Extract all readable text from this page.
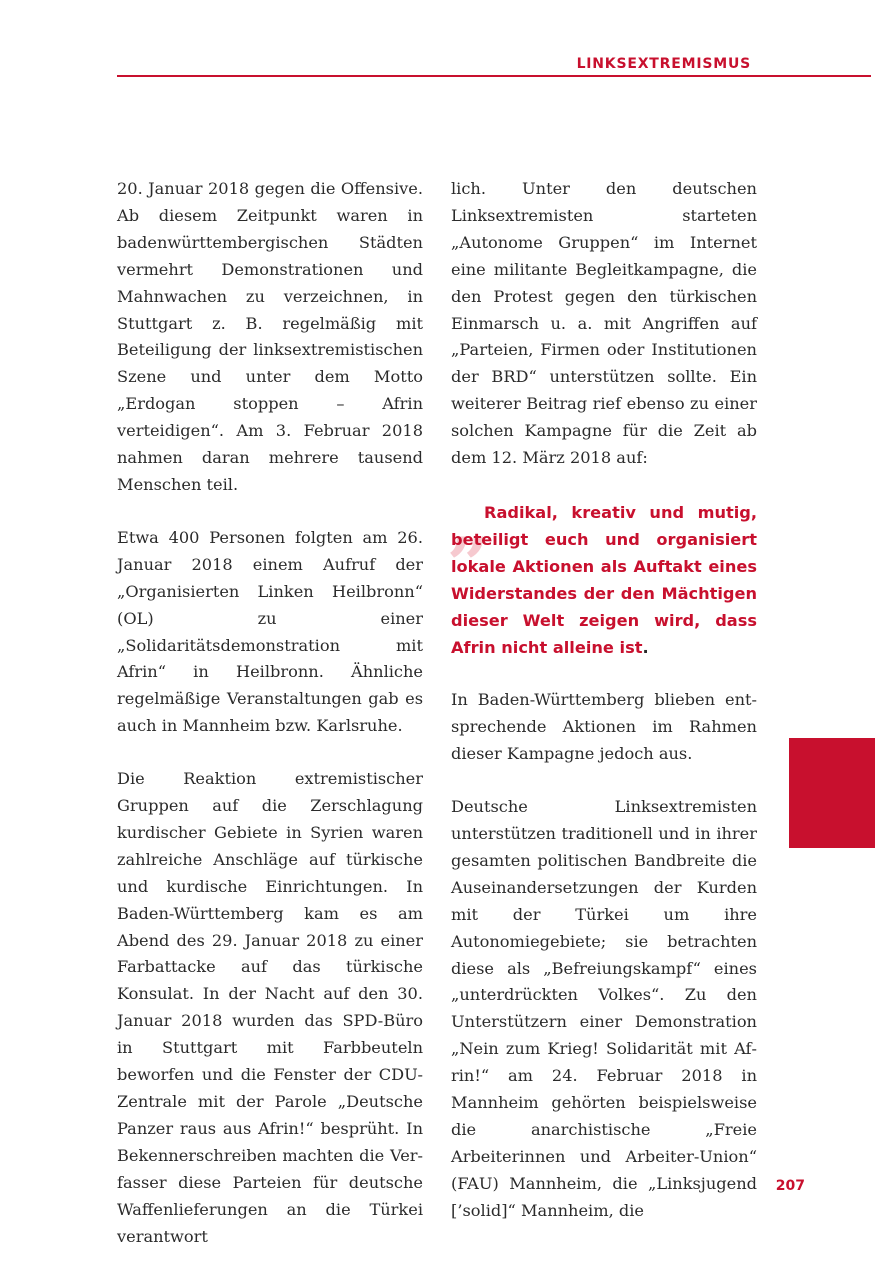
LINKSEXTREMISMUS

20. Januar 2018 gegen die Offensive. Ab diesem Zeitpunkt waren in badenwürttembergischen Städten vermehrt Demonstrationen und Mahnwachen zu verzeichnen, in Stuttgart z. B. regelmäßig mit Beteiligung der linksextremistischen Szene und unter dem Motto „Erdogan stoppen – Afrin verteidigen“. Am 3. Februar 2018 nahmen daran mehrere tausend Menschen teil.

Etwa 400 Personen folgten am 26. Januar 2018 einem Aufruf der „Organisierten Linken Heilbronn“ (OL) zu einer „Solidaritätsdemonstration mit Afrin“ in Heilbronn. Ähnliche regelmäßige Veranstaltungen gab es auch in Mannheim bzw. Karlsruhe.

Die Reaktion extremistischer Gruppen auf die Zerschlagung kurdischer Gebiete in Syrien waren zahlreiche Anschläge auf türkische und kurdische Einrichtungen. In Baden-Württemberg kam es am Abend des 29. Januar 2018 zu einer Farbattacke auf das türkische Konsulat. In der Nacht auf den 30. Januar 2018 wurden das SPD-Büro in Stuttgart mit Farbbeuteln beworfen und die Fenster der CDU-Zentrale mit der Parole „Deutsche Panzer raus aus Afrin!“ besprüht. In Bekennerschreiben machten die Verfasser diese Parteien für deutsche Waffenlieferungen an die Türkei verantwort

lich. Unter den deutschen Linksextremisten starteten „Autonome Gruppen“ im Internet eine militante Begleitkampagne, die den Protest gegen den türkischen Einmarsch u. a. mit Angriffen auf „Parteien, Firmen oder Institutionen der BRD“ unterstützen sollte. Ein weiterer Beitrag rief ebenso zu einer solchen Kampagne für die Zeit ab dem 12. März 2018 auf:

„

Radikal, kreativ und mutig, beteiligt euch und organisiert lokale Aktionen als Auftakt eines Widerstandes der den Mächtigen dieser Welt zeigen wird, dass Afrin nicht alleine ist.

In Baden-Württemberg blieben entsprechende Aktionen im Rahmen dieser Kampagne jedoch aus.

Deutsche Linksextremisten unterstützen traditionell und in ihrer gesamten politischen Bandbreite die Auseinandersetzungen der Kurden mit der Türkei um ihre Autonomiegebiete; sie betrachten diese als „Befreiungskampf“ eines „unterdrückten Volkes“. Zu den Unterstützern einer Demonstration „Nein zum Krieg! Solidarität mit Afrin!“ am 24. Februar 2018 in Mannheim gehörten beispielsweise die anarchistische „Freie Arbeiterinnen und Arbeiter-Union“ (FAU) Mannheim, die „Linksjugend [’solid]“ Mannheim, die

207
